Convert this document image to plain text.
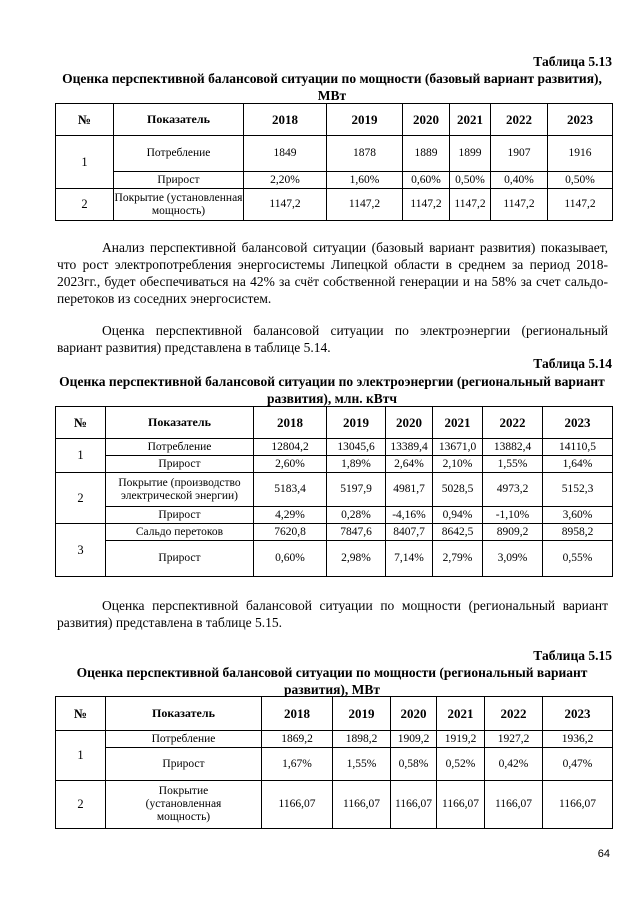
Таблица 5.13
Оценка перспективной балансовой ситуации по мощности (базовый вариант развития), МВт
№	Показатель	2018	2019	2020	2021	2022	2023
1	Потребление	1849	1878	1889	1899	1907	1916
	Прирост	2,20%	1,60%	0,60%	0,50%	0,40%	0,50%
2	Покрытие (установленная мощность)	1147,2	1147,2	1147,2	1147,2	1147,2	1147,2

Анализ перспективной балансовой ситуации (базовый вариант развития) показывает, что рост электропотребления энергосистемы Липецкой области в среднем за период 2018-2023гг., будет обеспечиваться на 42% за счёт собственной генерации и на 58% за счет сальдо-перетоков из соседних энергосистем.

Оценка перспективной балансовой ситуации по электроэнергии (региональный вариант развития) представлена в таблице 5.14.

Таблица 5.14
Оценка перспективной балансовой ситуации по электроэнергии (региональный вариант развития), млн. кВтч
№	Показатель	2018	2019	2020	2021	2022	2023
1	Потребление	12804,2	13045,6	13389,4	13671,0	13882,4	14110,5
	Прирост	2,60%	1,89%	2,64%	2,10%	1,55%	1,64%
2	Покрытие (производство электрической энергии)	5183,4	5197,9	4981,7	5028,5	4973,2	5152,3
	Прирост	4,29%	0,28%	-4,16%	0,94%	-1,10%	3,60%
3	Сальдо перетоков	7620,8	7847,6	8407,7	8642,5	8909,2	8958,2
	Прирост	0,60%	2,98%	7,14%	2,79%	3,09%	0,55%

Оценка перспективной балансовой ситуации по мощности (региональный вариант развития) представлена в таблице 5.15.

Таблица 5.15
Оценка перспективной балансовой ситуации по мощности (региональный вариант развития), МВт
№	Показатель	2018	2019	2020	2021	2022	2023
1	Потребление	1869,2	1898,2	1909,2	1919,2	1927,2	1936,2
	Прирост	1,67%	1,55%	0,58%	0,52%	0,42%	0,47%
2	Покрытие (установленная мощность)	1166,07	1166,07	1166,07	1166,07	1166,07	1166,07
64
